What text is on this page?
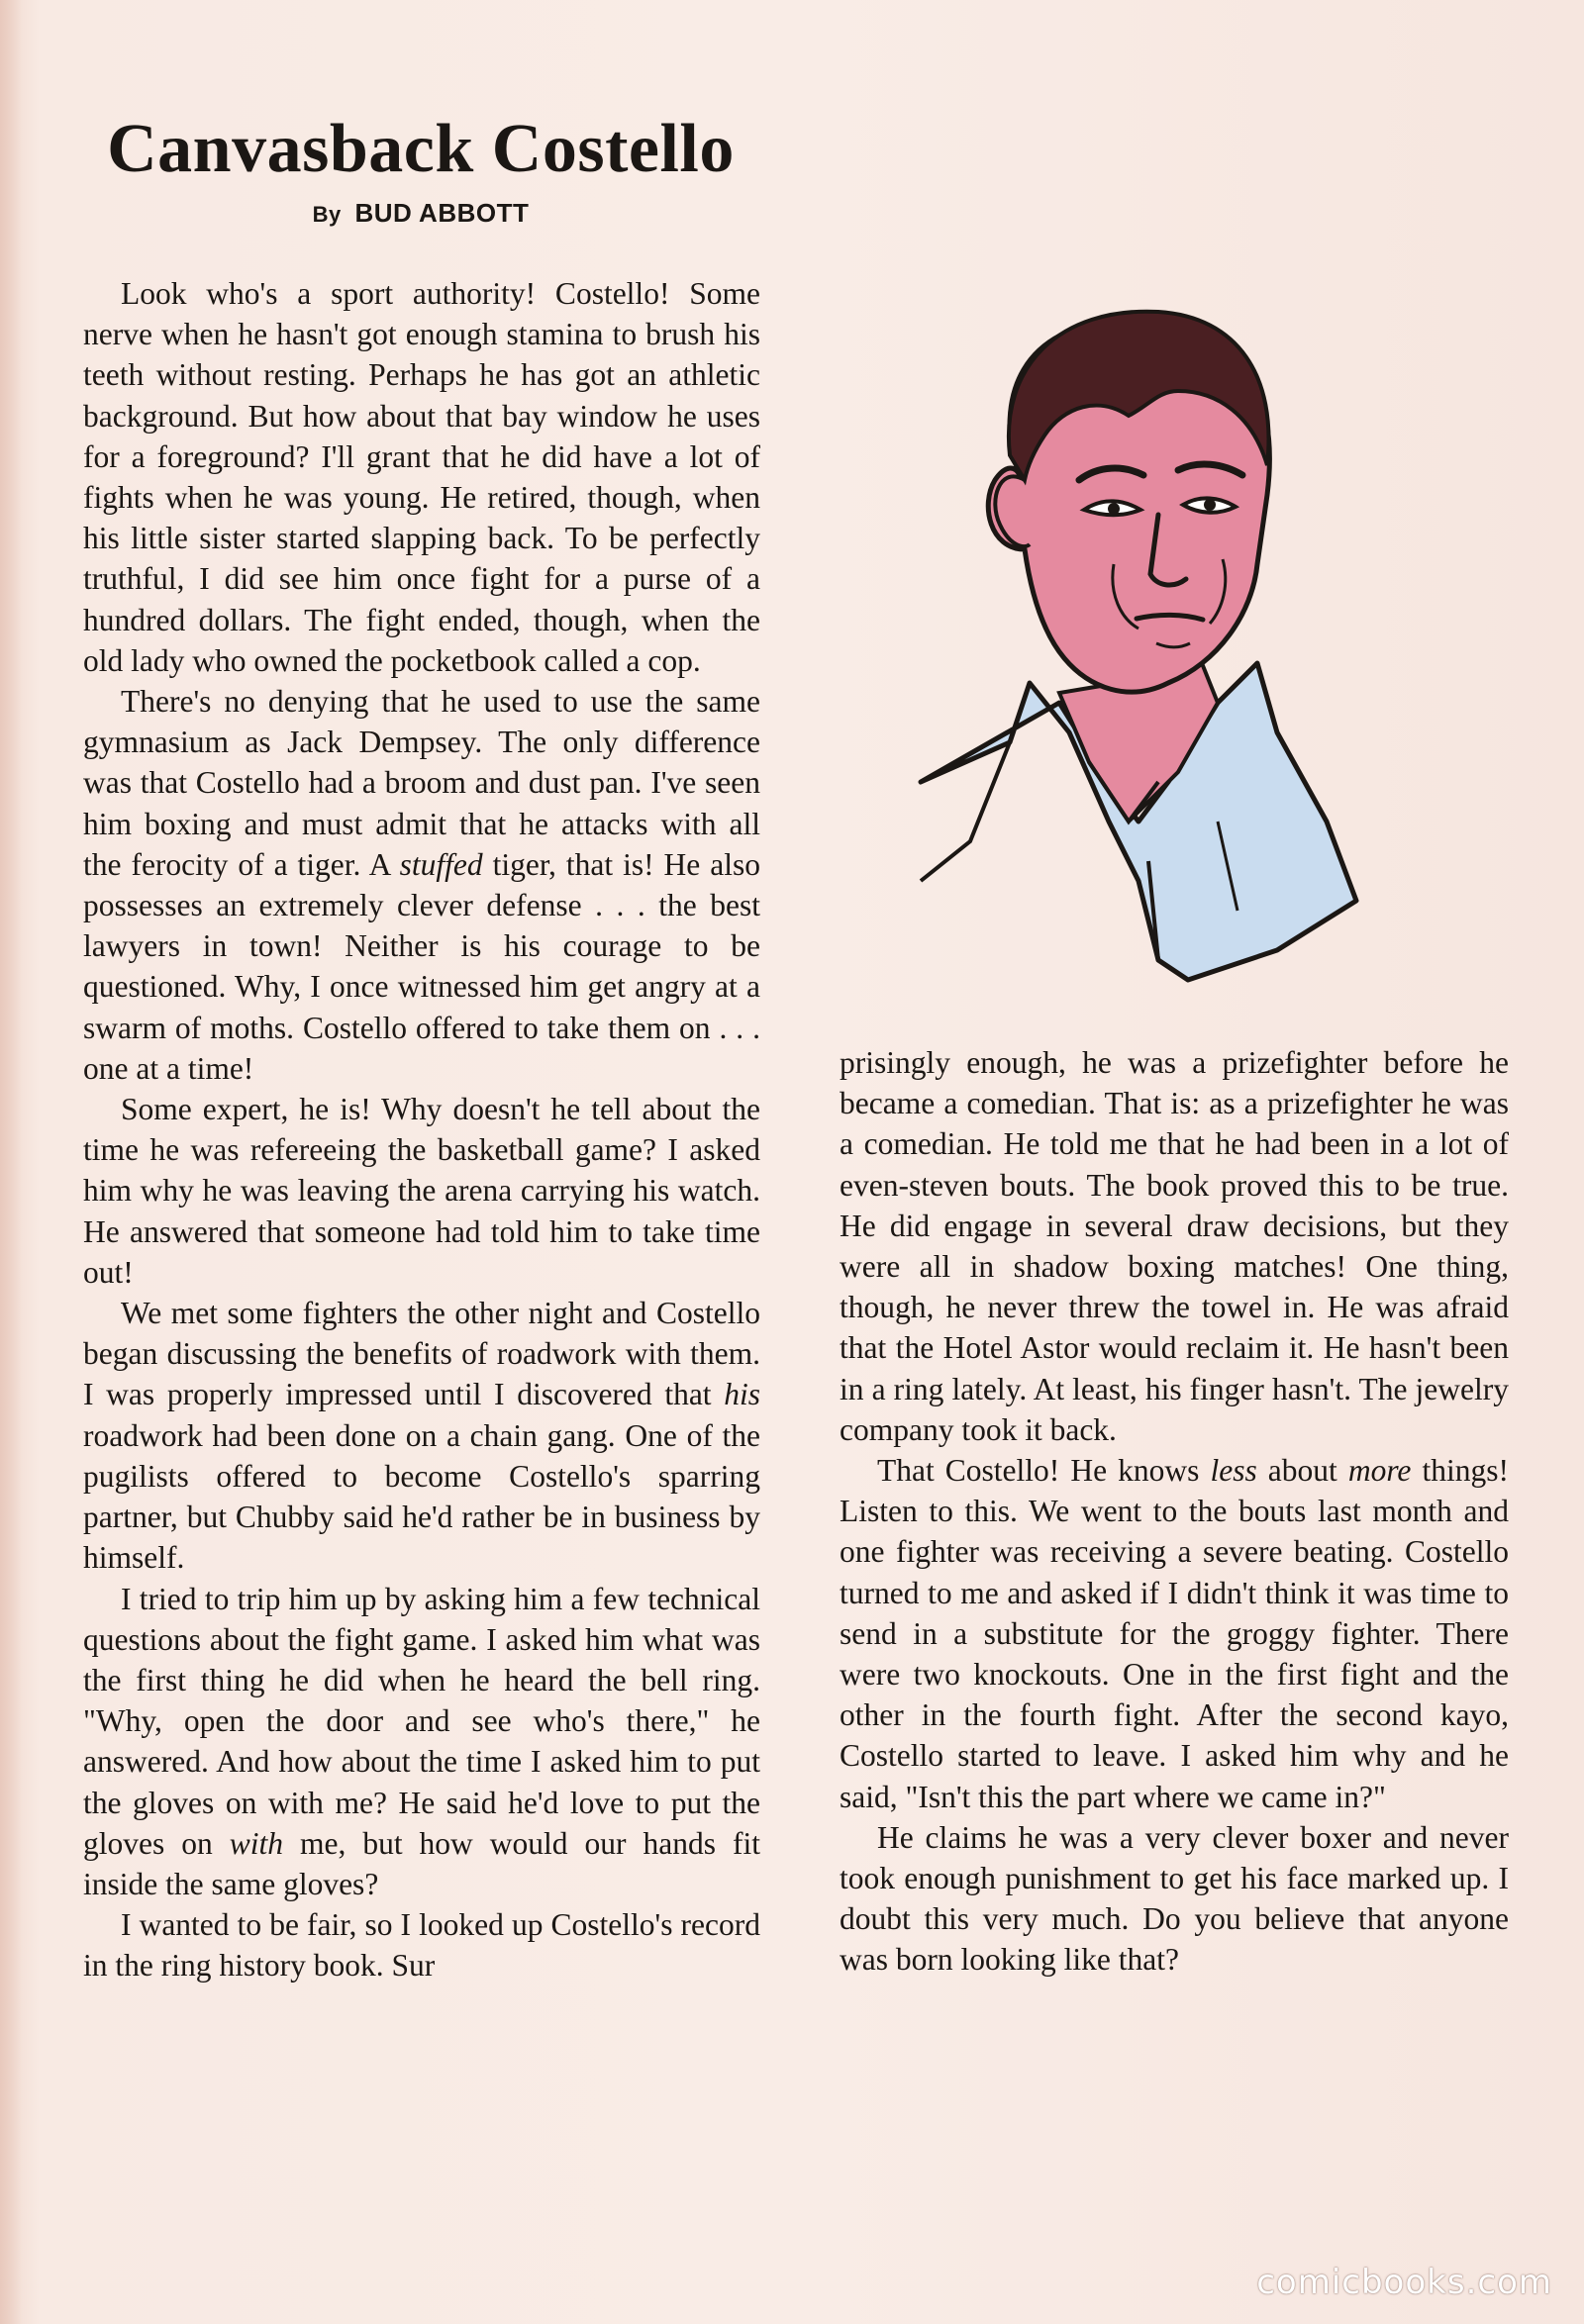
Canvasback Costello
By BUD ABBOTT

Look who's a sport authority! Costello! Some nerve when he hasn't got enough stamina to brush his teeth without resting. Perhaps he has got an athletic background. But how about that bay window he uses for a foreground? I'll grant that he did have a lot of fights when he was young. He retired, though, when his little sister started slapping back. To be perfectly truthful, I did see him once fight for a purse of a hundred dollars. The fight ended, though, when the old lady who owned the pocketbook called a cop.

There's no denying that he used to use the same gymnasium as Jack Dempsey. The only difference was that Costello had a broom and dust pan. I've seen him boxing and must admit that he attacks with all the ferocity of a tiger. A stuffed tiger, that is! He also possesses an extremely clever defense . . . the best lawyers in town! Neither is his courage to be questioned. Why, I once witnessed him get angry at a swarm of moths. Costello offered to take them on . . . one at a time!

Some expert, he is! Why doesn't he tell about the time he was refereeing the basketball game? I asked him why he was leaving the arena carrying his watch. He answered that someone had told him to take time out!

We met some fighters the other night and Costello began discussing the benefits of roadwork with them. I was properly impressed until I discovered that his roadwork had been done on a chain gang. One of the pugilists offered to become Costello's sparring partner, but Chubby said he'd rather be in business by himself.

I tried to trip him up by asking him a few technical questions about the fight game. I asked him what was the first thing he did when he heard the bell ring. "Why, open the door and see who's there," he answered. And how about the time I asked him to put the gloves on with me? He said he'd love to put the gloves on with me, but how would our hands fit inside the same gloves?

I wanted to be fair, so I looked up Costello's record in the ring history book. Sur

prisingly enough, he was a prizefighter before he became a comedian. That is: as a prizefighter he was a comedian. He told me that he had been in a lot of even-steven bouts. The book proved this to be true. He did engage in several draw decisions, but they were all in shadow boxing matches! One thing, though, he never threw the towel in. He was afraid that the Hotel Astor would reclaim it. He hasn't been in a ring lately. At least, his finger hasn't. The jewelry company took it back.

That Costello! He knows less about more things! Listen to this. We went to the bouts last month and one fighter was receiving a severe beating. Costello turned to me and asked if I didn't think it was time to send in a substitute for the groggy fighter. There were two knockouts. One in the first fight and the other in the fourth fight. After the second kayo, Costello started to leave. I asked him why and he said, "Isn't this the part where we came in?"

He claims he was a very clever boxer and never took enough punishment to get his face marked up. I doubt this very much. Do you believe that anyone was born looking like that?

comicbooks.com
